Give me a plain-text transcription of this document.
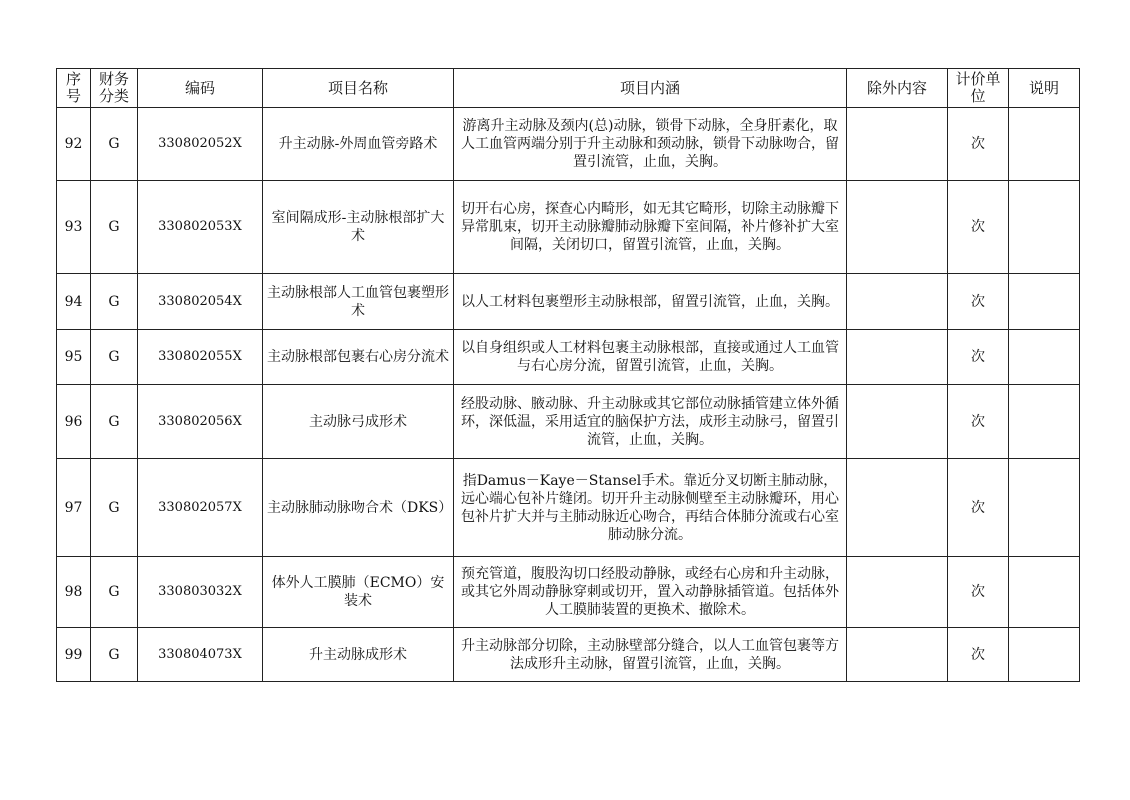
序号	财务分类	编码	项目名称	项目内涵	除外内容	计价单位	说明
92	G	330802052X	升主动脉-外周血管旁路术	游离升主动脉及颈内(总)动脉，锁骨下动脉，全身肝素化，取人工血管两端分别于升主动脉和颈动脉，锁骨下动脉吻合，留置引流管，止血，关胸。		次	
93	G	330802053X	室间隔成形-主动脉根部扩大术	切开右心房，探查心内畸形，如无其它畸形，切除主动脉瓣下异常肌束，切开主动脉瓣肺动脉瓣下室间隔，补片修补扩大室间隔，关闭切口，留置引流管，止血，关胸。		次	
94	G	330802054X	主动脉根部人工血管包裹塑形术	以人工材料包裹塑形主动脉根部，留置引流管，止血，关胸。		次	
95	G	330802055X	主动脉根部包裹右心房分流术	以自身组织或人工材料包裹主动脉根部，直接或通过人工血管与右心房分流，留置引流管，止血，关胸。		次	
96	G	330802056X	主动脉弓成形术	经股动脉、腋动脉、升主动脉或其它部位动脉插管建立体外循环，深低温，采用适宜的脑保护方法，成形主动脉弓，留置引流管，止血，关胸。		次	
97	G	330802057X	主动脉肺动脉吻合术（DKS）	指Damus－Kaye－Stansel手术。靠近分叉切断主肺动脉，远心端心包补片缝闭。切开升主动脉侧壁至主动脉瓣环，用心包补片扩大并与主肺动脉近心吻合，再结合体肺分流或右心室肺动脉分流。		次	
98	G	330803032X	体外人工膜肺（ECMO）安装术	预充管道，腹股沟切口经股动静脉，或经右心房和升主动脉，或其它外周动静脉穿刺或切开，置入动静脉插管道。包括体外人工膜肺装置的更换术、撤除术。		次	
99	G	330804073X	升主动脉成形术	升主动脉部分切除，主动脉壁部分缝合，以人工血管包裹等方法成形升主动脉，留置引流管，止血，关胸。		次	
